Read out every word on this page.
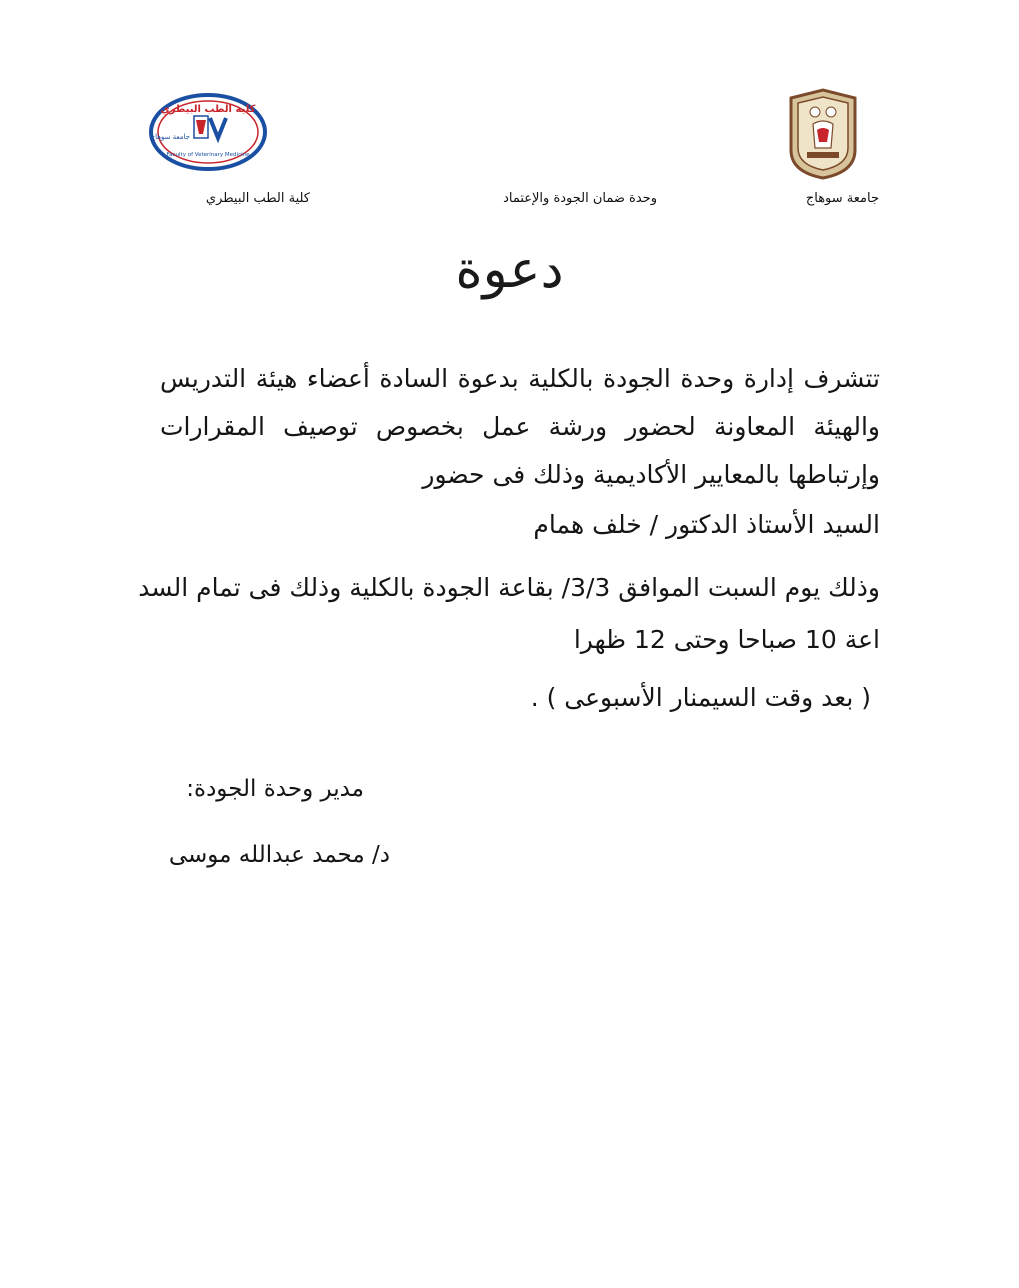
كلية الطب البيطري
جامعة سوهاج
Faculty of Veterinary Medicine
جامعة سوهاج
وحدة ضمان الجودة والإعتماد
كلية الطب البيطري
دعوة
تتشرف إدارة وحدة الجودة بالكلية بدعوة السادة أعضاء هيئة التدريس والهيئة المعاونة لحضور ورشة عمل بخصوص توصيف المقرارات وإرتباطها بالمعايير الأكاديمية وذلك فى حضور
السيد الأستاذ الدكتور / خلف همام
وذلك يوم السبت الموافق 3/3/ بقاعة الجودة بالكلية وذلك فى تمام السد
اعة 10 صباحا وحتى 12 ظهرا
( بعد وقت السيمنار الأسبوعى ) .
مدير وحدة الجودة:
د/ محمد عبدالله موسى
